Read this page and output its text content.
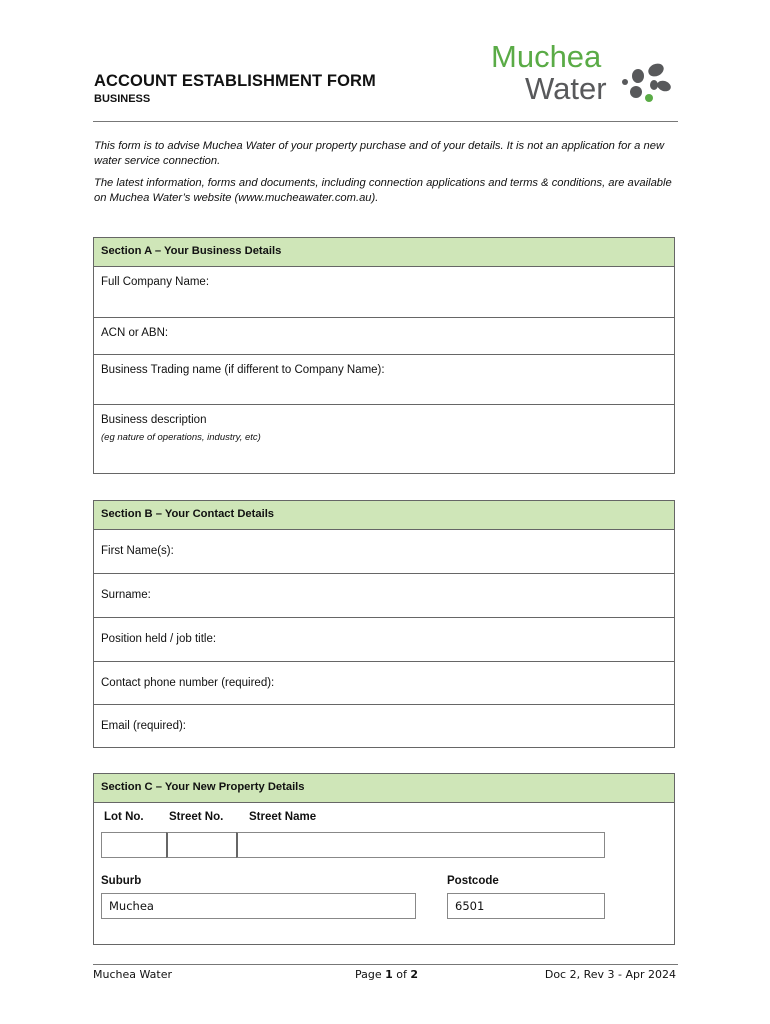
ACCOUNT ESTABLISHMENT FORM
BUSINESS
Muchea
Water
This form is to advise Muchea Water of your property purchase and of your details. It is not an application for a new water service connection.
The latest information, forms and documents, including connection applications and terms & conditions, are available on Muchea Water’s website (www.mucheawater.com.au).
Section A – Your Business Details
Full Company Name:
ACN or ABN:
Business Trading name (if different to Company Name):
Business description
(eg nature of operations, industry, etc)
Section B – Your Contact Details
First Name(s):
Surname:
Position held / job title:
Contact phone number (required):
Email (required):
Section C – Your New Property Details
Lot No. Street No. Street Name
Suburb	Postcode
Muchea	6501
Muchea Water	Page 1 of 2	Doc 2, Rev 3 - Apr 2024
